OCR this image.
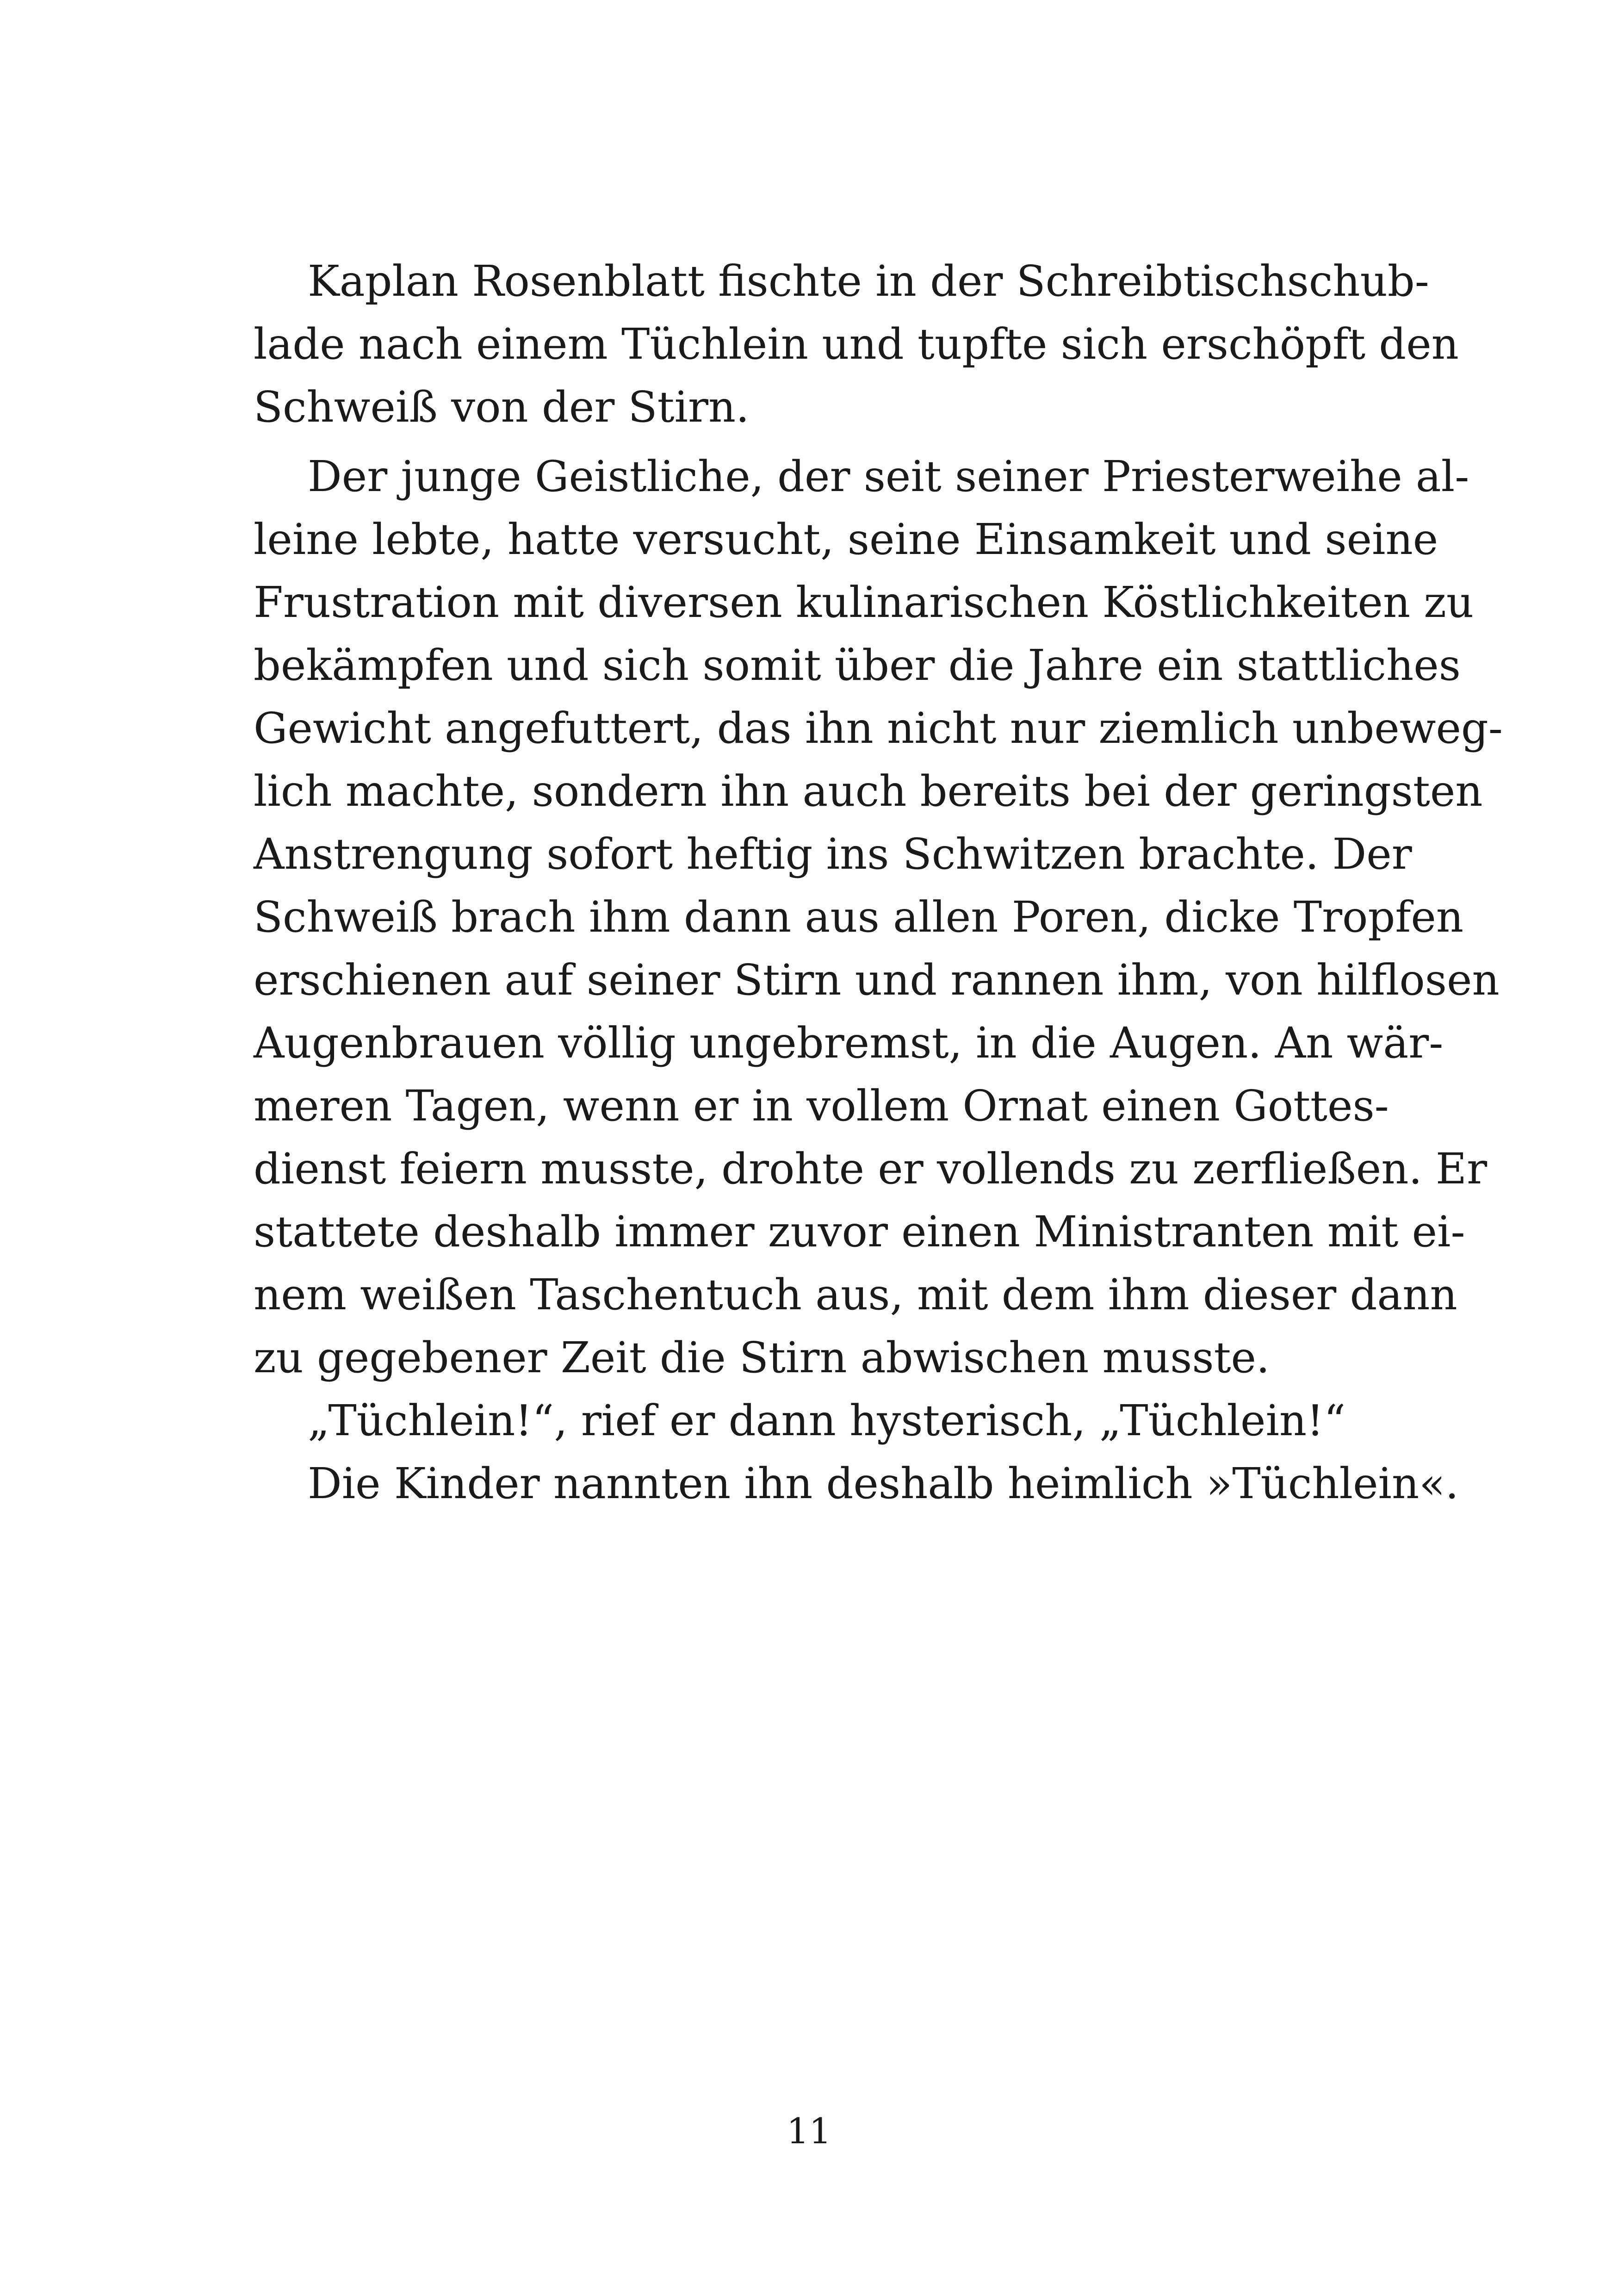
Kaplan Rosenblatt fischte in der Schreibtischschub-
lade nach einem Tüchlein und tupfte sich erschöpft den
Schweiß von der Stirn.
Der junge Geistliche, der seit seiner Priesterweihe al-
leine lebte, hatte versucht, seine Einsamkeit und seine
Frustration mit diversen kulinarischen Köstlichkeiten zu
bekämpfen und sich somit über die Jahre ein stattliches
Gewicht angefuttert, das ihn nicht nur ziemlich unbeweg-
lich machte, sondern ihn auch bereits bei der geringsten
Anstrengung sofort heftig ins Schwitzen brachte. Der
Schweiß brach ihm dann aus allen Poren, dicke Tropfen
erschienen auf seiner Stirn und rannen ihm, von hilflosen
Augenbrauen völlig ungebremst, in die Augen. An wär-
meren Tagen, wenn er in vollem Ornat einen Gottes-
dienst feiern musste, drohte er vollends zu zerfließen. Er
stattete deshalb immer zuvor einen Ministranten mit ei-
nem weißen Taschentuch aus, mit dem ihm dieser dann
zu gegebener Zeit die Stirn abwischen musste.
„Tüchlein!“, rief er dann hysterisch, „Tüchlein!“
Die Kinder nannten ihn deshalb heimlich »Tüchlein«.
11
